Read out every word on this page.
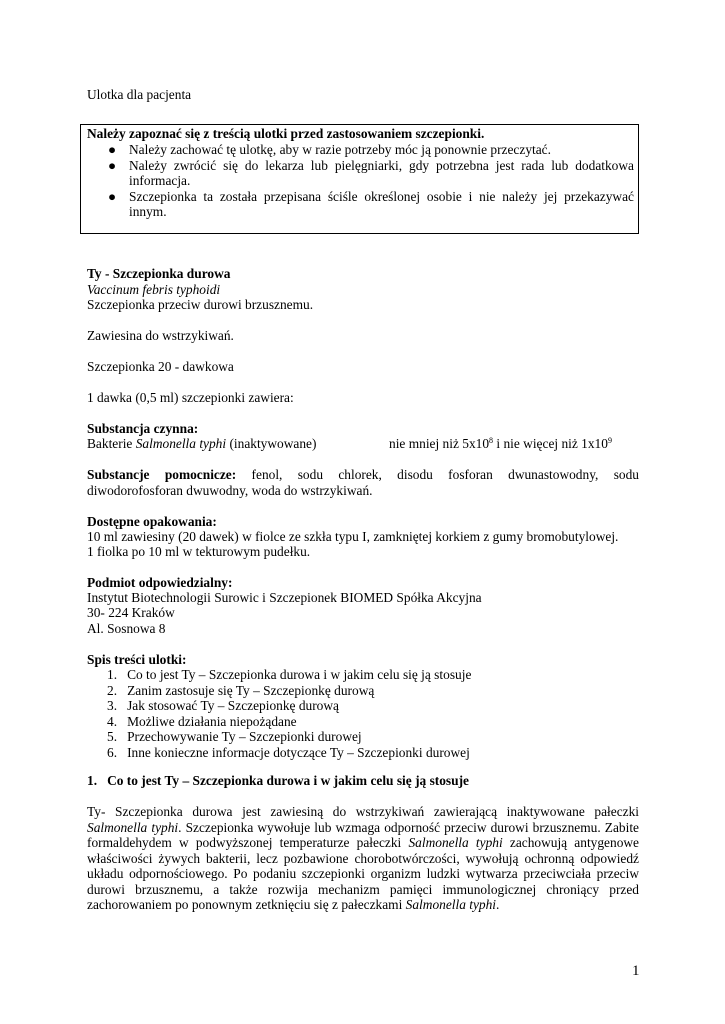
Ulotka dla pacjenta
Należy zapoznać się z treścią ulotki przed zastosowaniem szczepionki.
● Należy zachować tę ulotkę, aby w razie potrzeby móc ją ponownie przeczytać.
● Należy zwrócić się do lekarza lub pielęgniarki, gdy potrzebna jest rada lub dodatkowa informacja.
● Szczepionka ta została przepisana ściśle określonej osobie i nie należy jej przekazywać innym.
Ty - Szczepionka durowa
Vaccinum febris typhoidi
Szczepionka przeciw durowi brzusznemu.
Zawiesina do wstrzykiwań.
Szczepionka 20 - dawkowa
1 dawka (0,5 ml) szczepionki zawiera:
Substancja czynna:
Bakterie Salmonella typhi (inaktywowane)	nie mniej niż $5x10^8$ i nie więcej niż $1x10^9$
Substancje pomocnicze: fenol, sodu chlorek, disodu fosforan dwunastowodny, sodu diwodorofosforan dwuwodny, woda do wstrzykiwań.
Dostępne opakowania:
10 ml zawiesiny (20 dawek) w fiolce ze szkła typu I, zamkniętej korkiem z gumy bromobutylowej.
1 fiolka po 10 ml w tekturowym pudełku.
Podmiot odpowiedzialny:
Instytut Biotechnologii Surowic i Szczepionek BIOMED Spółka Akcyjna
30- 224 Kraków
Al. Sosnowa 8
Spis treści ulotki:
1.   Co to jest Ty – Szczepionka durowa i w jakim celu się ją stosuje
2.   Zanim zastosuje się Ty – Szczepionkę durową
3.   Jak stosować Ty – Szczepionkę durową
4.   Możliwe działania niepożądane
5.   Przechowywanie Ty – Szczepionki durowej
6.   Inne konieczne informacje dotyczące Ty – Szczepionki durowej
1.   Co to jest Ty – Szczepionka durowa i w jakim celu się ją stosuje
Ty- Szczepionka durowa jest zawiesiną do wstrzykiwań zawierającą inaktywowane pałeczki Salmonella typhi. Szczepionka wywołuje lub wzmaga odporność przeciw durowi brzusznemu. Zabite formaldehydem w podwyższonej temperaturze pałeczki Salmonella typhi zachowują antygenowe właściwości żywych bakterii, lecz pozbawione chorobotwórczości, wywołują ochronną odpowiedź układu odpornościowego. Po podaniu szczepionki organizm ludzki wytwarza przeciwciała przeciw durowi brzusznemu, a także rozwija mechanizm pamięci immunologicznej chroniący przed zachorowaniem po ponownym zetknięciu się z pałeczkami Salmonella typhi.
1
